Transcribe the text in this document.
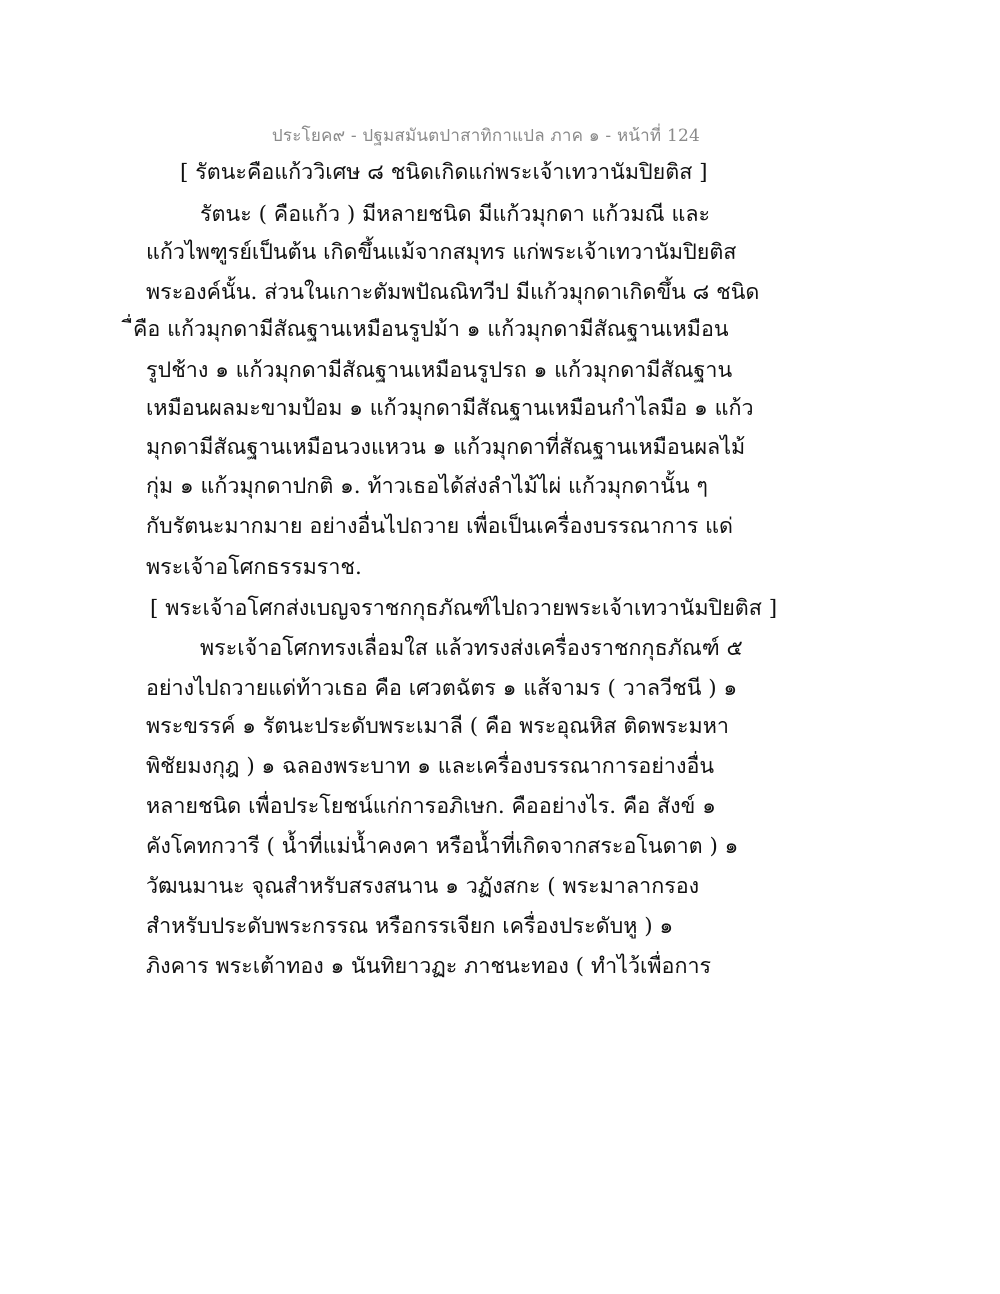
ประโยค๙ - ปฐมสมันตปาสาทิกาแปล ภาค ๑ - หน้าที่ 124
[ รัตนะคือแก้ววิเศษ ๘ ชนิดเกิดแก่พระเจ้าเทวานัมปิยติส ]
รัตนะ ( คือแก้ว ) มีหลายชนิด มีแก้วมุกดา แก้วมณี และ
แก้วไพฑูรย์เป็นต้น เกิดขึ้นแม้จากสมุทร แก่พระเจ้าเทวานัมปิยติส
พระองค์นั้น. ส่วนในเกาะตัมพปัณณิทวีป มีแก้วมุกดาเกิดขึ้น ๘ ชนิด
ื่คือ แก้วมุกดามีสัณฐานเหมือนรูปม้า ๑ แก้วมุกดามีสัณฐานเหมือน
รูปช้าง ๑ แก้วมุกดามีสัณฐานเหมือนรูปรถ ๑ แก้วมุกดามีสัณฐาน
เหมือนผลมะขามป้อม ๑ แก้วมุกดามีสัณฐานเหมือนกำไลมือ ๑ แก้ว
มุกดามีสัณฐานเหมือนวงแหวน ๑ แก้วมุกดาที่สัณฐานเหมือนผลไม้
กุ่ม ๑ แก้วมุกดาปกติ ๑. ท้าวเธอได้ส่งลำไม้ไผ่ แก้วมุกดานั้น ๆ
กับรัตนะมากมาย อย่างอื่นไปถวาย เพื่อเป็นเครื่องบรรณาการ แด่
พระเจ้าอโศกธรรมราช.
[ พระเจ้าอโศกส่งเบญจราชกกุธภัณฑ์ไปถวายพระเจ้าเทวานัมปิยติส ]
พระเจ้าอโศกทรงเลื่อมใส แล้วทรงส่งเครื่องราชกกุธภัณฑ์ ๕
อย่างไปถวายแด่ท้าวเธอ คือ เศวตฉัตร ๑ แส้จามร ( วาลวีชนี ) ๑
พระขรรค์ ๑ รัตนะประดับพระเมาลี ( คือ พระอุณหิส ติดพระมหา
พิชัยมงกุฎ ) ๑ ฉลองพระบาท ๑ และเครื่องบรรณาการอย่างอื่น
หลายชนิด เพื่อประโยชน์แก่การอภิเษก. คืออย่างไร. คือ สังข์ ๑
คังโคทกวารี ( น้ำที่แม่น้ำคงคา หรือน้ำที่เกิดจากสระอโนดาต ) ๑
วัฒนมานะ จุณสำหรับสรงสนาน ๑ วฏังสกะ ( พระมาลากรอง
สำหรับประดับพระกรรณ หรือกรรเจียก เครื่องประดับหู ) ๑
ภิงคาร พระเต้าทอง ๑ นันทิยาวฏะ ภาชนะทอง ( ทำไว้เพื่อการ
